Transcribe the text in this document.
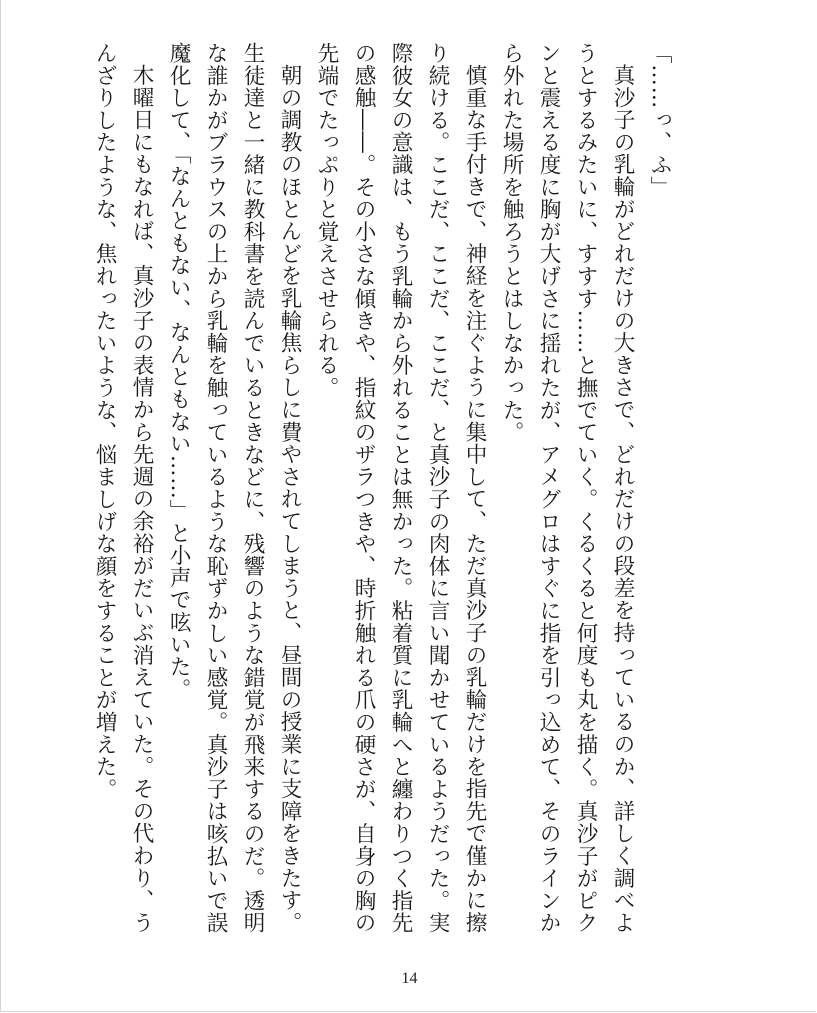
「……っ、ふ」

真沙子の乳輪がどれだけの大きさで、どれだけの段差を持っているのか、詳しく調べようとするみたいに、すすす……と撫でていく。くるくると何度も丸を描く。真沙子がピクンと震える度に胸が大げさに揺れたが、アメグロはすぐに指を引っ込めて、そのラインから外れた場所を触ろうとはしなかった。

慎重な手付きで、神経を注ぐように集中して、ただ真沙子の乳輪だけを指先で僅かに擦り続ける。ここだ、ここだ、ここだ、と真沙子の肉体に言い聞かせているようだった。実際彼女の意識は、もう乳輪から外れることは無かった。粘着質に乳輪へと纏わりつく指先の感触――。その小さな傾きや、指紋のザラつきや、時折触れる爪の硬さが、自身の胸の先端でたっぷりと覚えさせられる。

朝の調教のほとんどを乳輪焦らしに費やされてしまうと、昼間の授業に支障をきたす。生徒達と一緒に教科書を読んでいるときなどに、残響のような錯覚が飛来するのだ。透明な誰かがブラウスの上から乳輪を触っているような恥ずかしい感覚。真沙子は咳払いで誤魔化して、「なんともない、なんともない……」と小声で呟いた。

木曜日にもなれば、真沙子の表情から先週の余裕がだいぶ消えていた。その代わり、うんざりしたような、焦れったいような、悩ましげな顔をすることが増えた。

14
